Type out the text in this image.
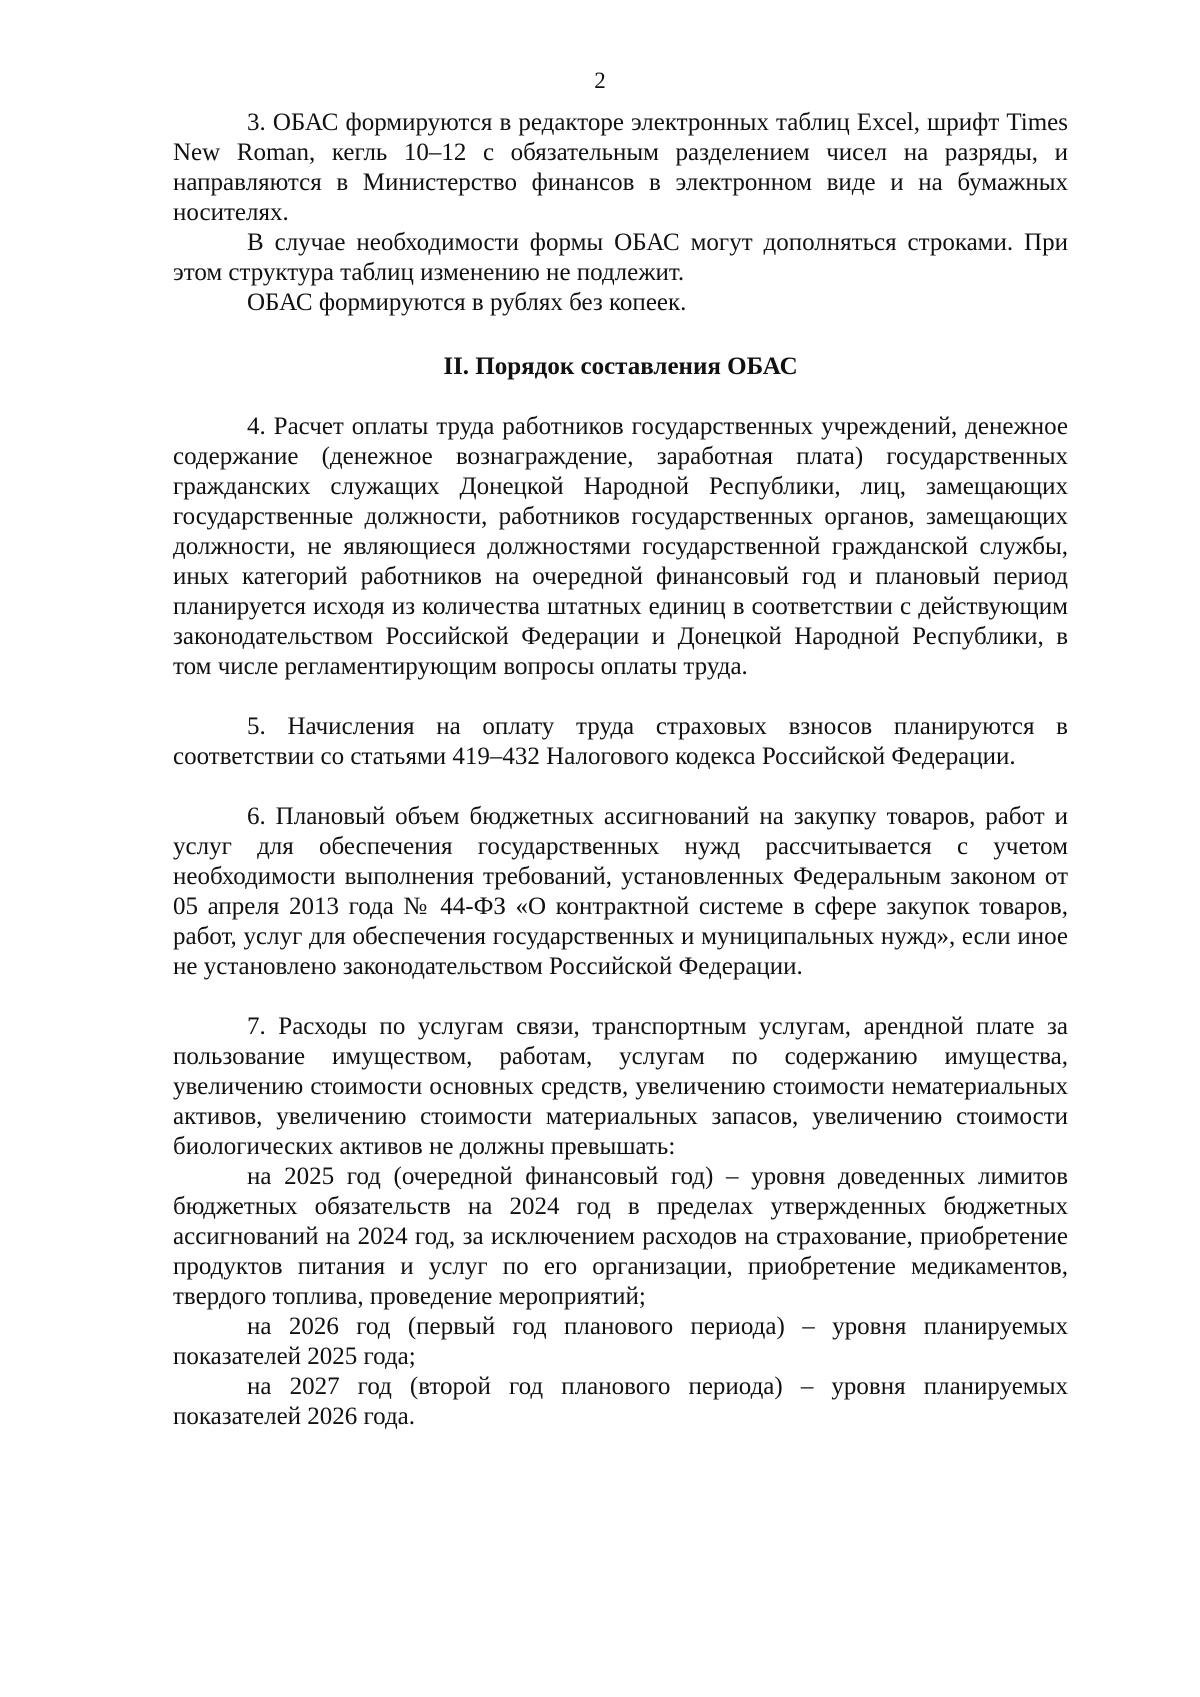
2

3. ОБАС формируются в редакторе электронных таблиц Excel, шрифт Times New Roman, кегль 10–12 с обязательным разделением чисел на разряды, и направляются в Министерство финансов в электронном виде и на бумажных носителях.

В случае необходимости формы ОБАС могут дополняться строками. При этом структура таблиц изменению не подлежит.

ОБАС формируются в рублях без копеек.

II. Порядок составления ОБАС

4. Расчет оплаты труда работников государственных учреждений, денежное содержание (денежное вознаграждение, заработная плата) государственных гражданских служащих Донецкой Народной Республики, лиц, замещающих государственные должности, работников государственных органов, замещающих должности, не являющиеся должностями государственной гражданской службы, иных категорий работников на очередной финансовый год и плановый период планируется исходя из количества штатных единиц в соответствии с действующим законодательством Российской Федерации и Донецкой Народной Республики, в том числе регламентирующим вопросы оплаты труда.

5. Начисления на оплату труда страховых взносов планируются в соответствии со статьями 419–432 Налогового кодекса Российской Федерации.

6. Плановый объем бюджетных ассигнований на закупку товаров, работ и услуг для обеспечения государственных нужд рассчитывается с учетом необходимости выполнения требований, установленных Федеральным законом от 05 апреля 2013 года № 44-ФЗ «О контрактной системе в сфере закупок товаров, работ, услуг для обеспечения государственных и муниципальных нужд», если иное не установлено законодательством Российской Федерации.

7. Расходы по услугам связи, транспортным услугам, арендной плате за пользование имуществом, работам, услугам по содержанию имущества, увеличению стоимости основных средств, увеличению стоимости нематериальных активов, увеличению стоимости материальных запасов, увеличению стоимости биологических активов не должны превышать:

на 2025 год (очередной финансовый год) – уровня доведенных лимитов бюджетных обязательств на 2024 год в пределах утвержденных бюджетных ассигнований на 2024 год, за исключением расходов на страхование, приобретение продуктов питания и услуг по его организации, приобретение медикаментов, твердого топлива, проведение мероприятий;

на 2026 год (первый год планового периода) – уровня планируемых показателей 2025 года;

на 2027 год (второй год планового периода) – уровня планируемых показателей 2026 года.
